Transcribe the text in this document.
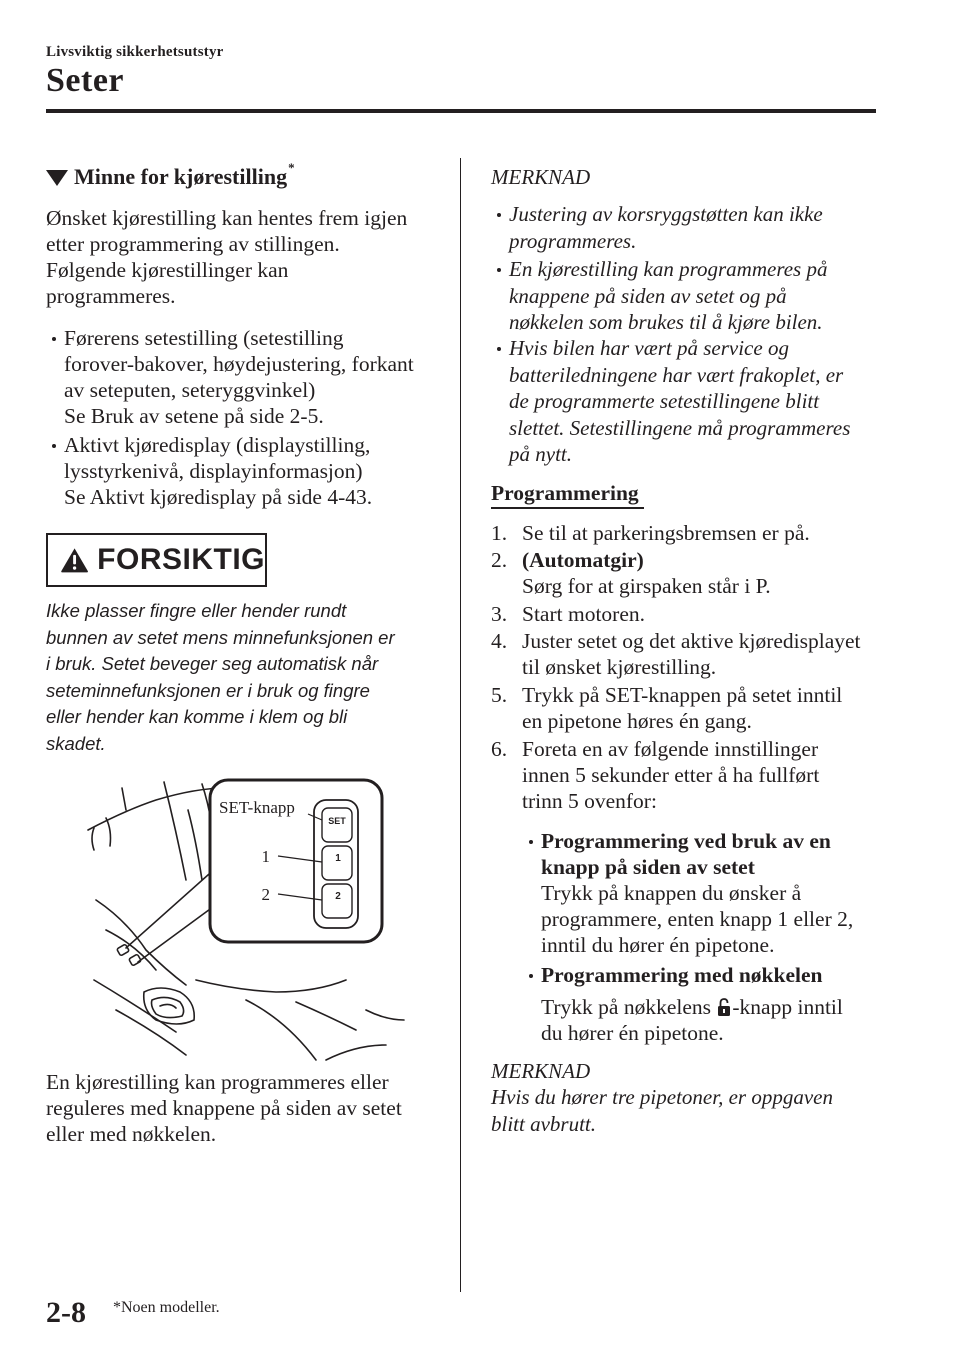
Livsviktig sikkerhetsutstyr
Seter
Minne for kjørestilling*
Ønsket kjørestilling kan hentes frem igjen
etter programmering av stillingen.
Følgende kjørestillinger kan
programmeres.
Førerens setestilling (setestilling
forover-bakover, høydejustering, forkant
av seteputen, seteryggvinkel)
Se Bruk av setene på side 2-5.
Aktivt kjøredisplay (displaystilling,
lysstyrkenivå, displayinformasjon)
Se Aktivt kjøredisplay på side 4-43.
FORSIKTIG
Ikke plasser fingre eller hender rundt
bunnen av setet mens minnefunksjonen er
i bruk. Setet beveger seg automatisk når
seteminnefunksjonen er i bruk og fingre
eller hender kan komme i klem og bli
skadet.
SET
1
2
SET-knapp
1
2
En kjørestilling kan programmeres eller
reguleres med knappene på siden av setet
eller med nøkkelen.
MERKNAD
Justering av korsryggstøtten kan ikke
programmeres.
En kjørestilling kan programmeres på
knappene på siden av setet og på
nøkkelen som brukes til å kjøre bilen.
Hvis bilen har vært på service og
batteriledningene har vært frakoplet, er
de programmerte setestillingene blitt
slettet. Setestillingene må programmeres
på nytt.
Programmering
1. Se til at parkeringsbremsen er på.
2. (Automatgir)
Sørg for at girspaken står i P.
3. Start motoren.
4. Juster setet og det aktive kjøredisplayet
til ønsket kjørestilling.
5. Trykk på SET-knappen på setet inntil
en pipetone høres én gang.
6. Foreta en av følgende innstillinger
innen 5 sekunder etter å ha fullført
trinn 5 ovenfor:
Programmering ved bruk av en
knapp på siden av setet
Trykk på knappen du ønsker å
programmere, enten knapp 1 eller 2,
inntil du hører én pipetone.
Programmering med nøkkelen
Trykk på nøkkelens -knapp inntil
du hører én pipetone.
MERKNAD
Hvis du hører tre pipetoner, er oppgaven
blitt avbrutt.
2-8 *Noen modeller.
